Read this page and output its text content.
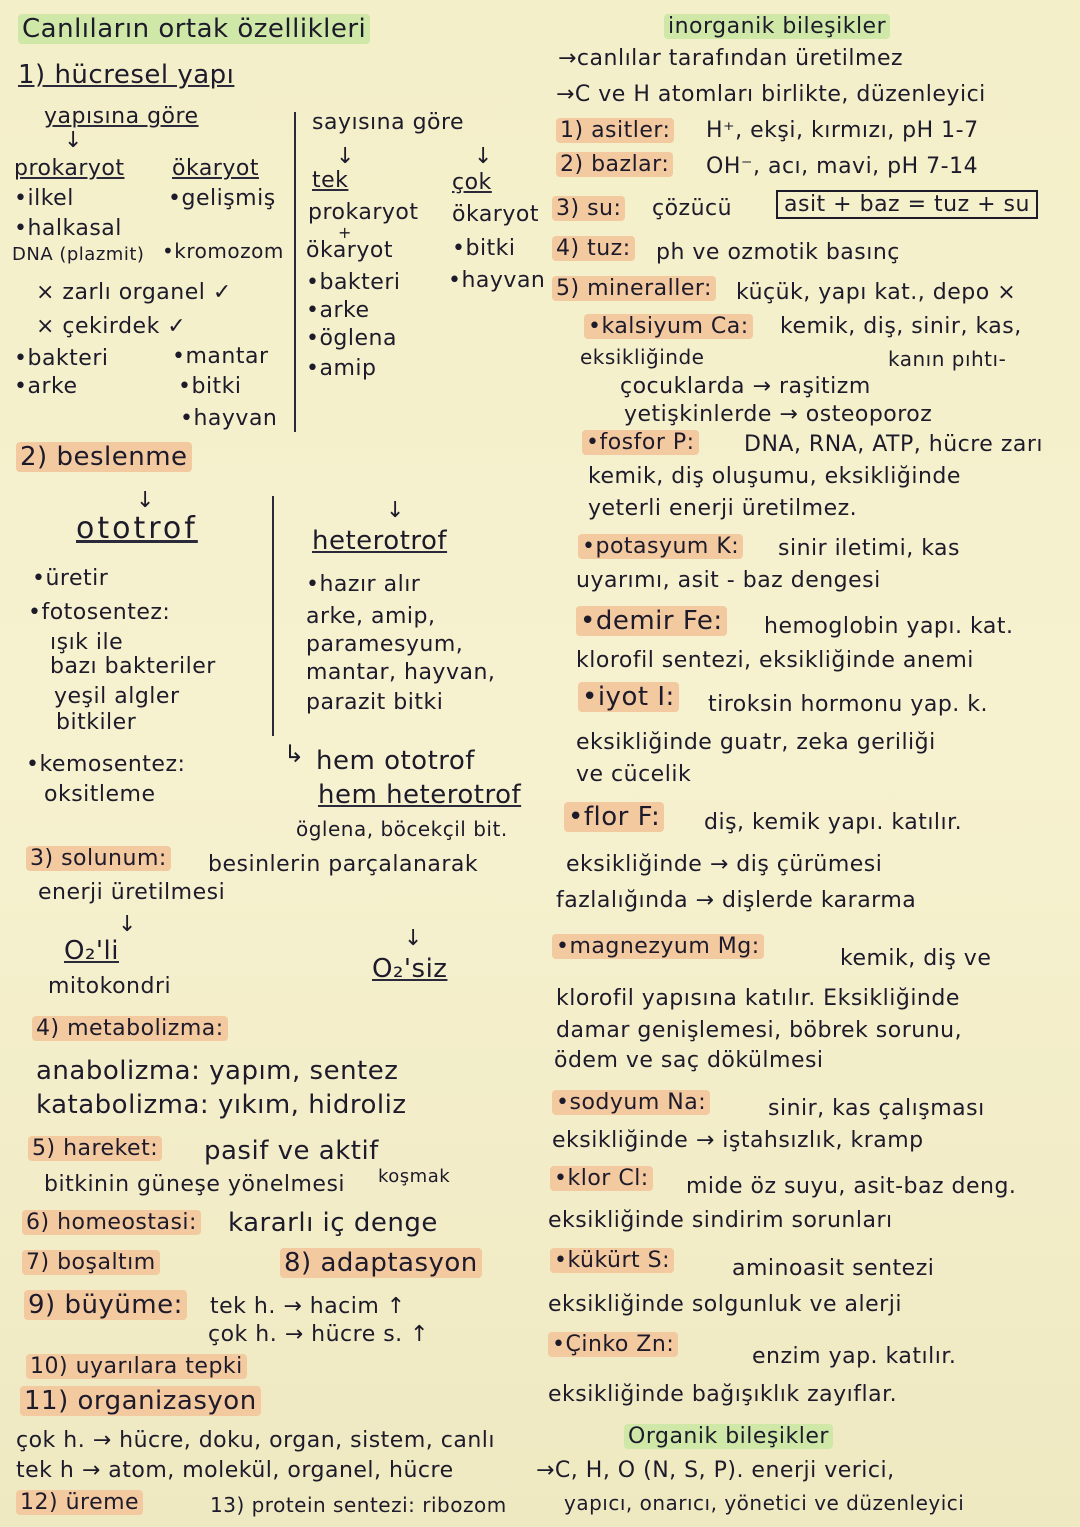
Canlıların ortak özellikleri
1) hücresel yapı
yapısına göre
↓
prokaryot ökaryot
•ilkel	•gelişmiş
•halkasal
DNA (plazmit) •kromozom
× zarlı organel ✓
× çekirdek ✓
•bakteri
•arke
•mantar
•bitki
•hayvan
sayısına göre
↓	↓
tek	çok
prokaryot
+
ökaryot
•bakteri
•arke
•öglena
•amip
ökaryot
•bitki
•hayvan
2) beslenme
↓	↓
ototrof	heterotrof
•üretir
•fotosentez:
ışık ile
bazı bakteriler
yeşil algler
bitkiler
•kemosentez:
oksitleme
•hazır alır
arke, amip,
paramesyum,
mantar, hayvan,
parazit bitki
↳ hem ototrof
hem heterotrof
öglena, böcekçil bit.
3) solunum: besinlerin parçalanarak
enerji üretilmesi
↓
↓
O₂'li
mitokondri
O₂'siz
4) metabolizma:
anabolizma: yapım, sentez
katabolizma: yıkım, hidroliz
5) hareket: pasif ve aktif
bitkinin güneşe yönelmesi koşmak
6) homeostasi: kararlı iç denge
7) boşaltım	8) adaptasyon
9) büyüme: tek h. → hacim ↑
çok h. → hücre s. ↑
10) uyarılara tepki
11) organizasyon
çok h. → hücre, doku, organ, sistem, canlı
tek h → atom, molekül, organel, hücre
12) üreme	13) protein sentezi: ribozom
inorganik bileşikler
→canlılar tarafından üretilmez
→C ve H atomları birlikte, düzenleyici
1) asitler: H⁺, ekşi, kırmızı, pH 1-7
2) bazlar: OH⁻, acı, mavi, pH 7-14
3) su: çözücü	asit + baz = tuz + su
4) tuz: ph ve ozmotik basınç
5) mineraller: küçük, yapı kat., depo ×
•kalsiyum Ca: kemik, diş, sinir, kas,
eksikliğinde	kanın pıhtı-
çocuklarda → raşitizm
yetişkinlerde → osteoporoz
•fosfor P: DNA, RNA, ATP, hücre zarı
kemik, diş oluşumu, eksikliğinde
yeterli enerji üretilmez.
•potasyum K: sinir iletimi, kas
uyarımı, asit - baz dengesi
•demir Fe: hemoglobin yapı. kat.
klorofil sentezi, eksikliğinde anemi
•iyot I: tiroksin hormonu yap. k.
eksikliğinde guatr, zeka geriliği
ve cücelik
•flor F: diş, kemik yapı. katılır.
eksikliğinde → diş çürümesi
fazlalığında → dişlerde kararma
•magnezyum Mg:	kemik, diş ve
klorofil yapısına katılır. Eksikliğinde
damar genişlemesi, böbrek sorunu,
ödem ve saç dökülmesi
•sodyum Na:	sinir, kas çalışması
eksikliğinde → iştahsızlık, kramp
•klor Cl: mide öz suyu, asit-baz deng.
eksikliğinde sindirim sorunları
•kükürt S:	aminoasit sentezi
eksikliğinde solgunluk ve alerji
•Çinko Zn:	enzim yap. katılır.
eksikliğinde bağışıklık zayıflar.
Organik bileşikler
→C, H, O (N, S, P). enerji verici,
yapıcı, onarıcı, yönetici ve düzenleyici
